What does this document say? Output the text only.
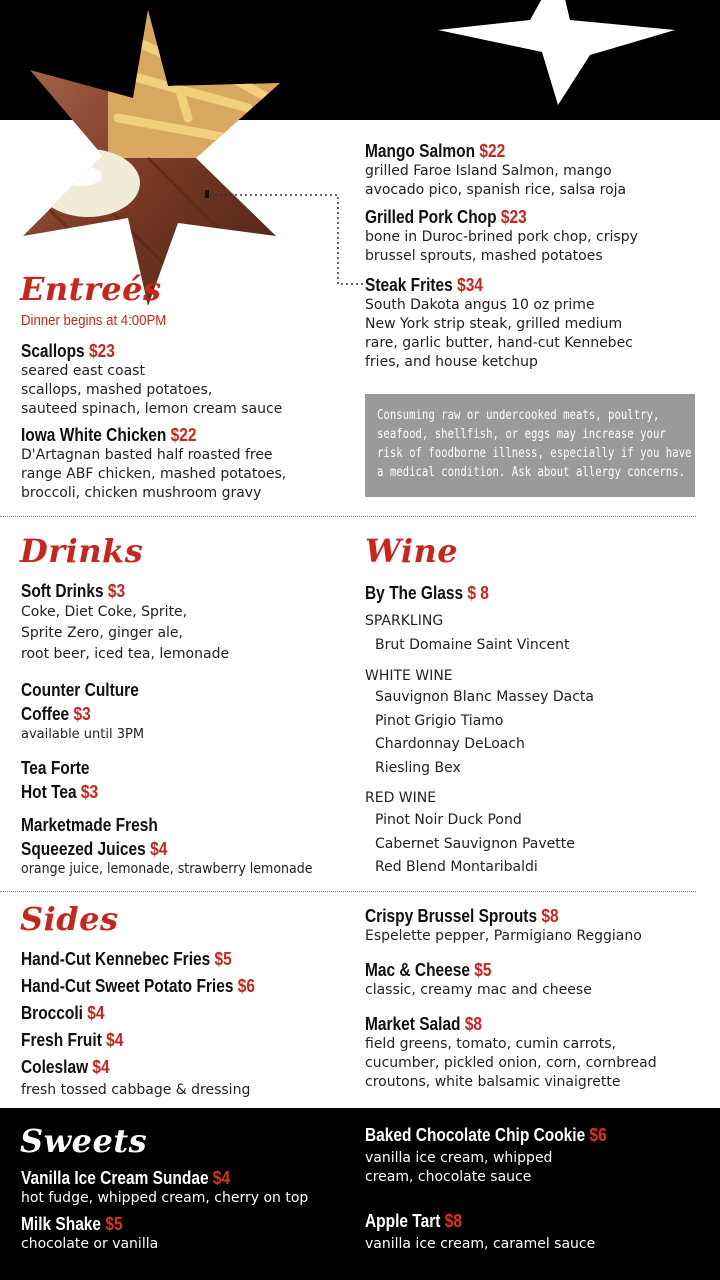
Entreés
Dinner begins at 4:00PM
Scallops $23
seared east coast
scallops, mashed potatoes,
sauteed spinach, lemon cream sauce
Iowa White Chicken $22
D'Artagnan basted half roasted free
range ABF chicken, mashed potatoes,
broccoli, chicken mushroom gravy
Mango Salmon $22
grilled Faroe Island Salmon, mango
avocado pico, spanish rice, salsa roja
Grilled Pork Chop $23
bone in Duroc-brined pork chop, crispy
brussel sprouts, mashed potatoes
Steak Frites $34
South Dakota angus 10 oz prime
New York strip steak, grilled medium
rare, garlic butter, hand-cut Kennebec
fries, and house ketchup
Consuming raw or undercooked meats, poultry,
seafood, shellfish, or eggs may increase your
risk of foodborne illness, especially if you have
a medical condition. Ask about allergy concerns.
Drinks
Soft Drinks $3
Coke, Diet Coke, Sprite,
Sprite Zero, ginger ale,
root beer, iced tea, lemonade
Counter Culture
Coffee $3
available until 3PM
Tea Forte
Hot Tea $3
Marketmade Fresh
Squeezed Juices $4
orange juice, lemonade, strawberry lemonade
Wine
By The Glass $ 8
SPARKLING
Brut Domaine Saint Vincent
WHITE WINE
Sauvignon Blanc Massey Dacta
Pinot Grigio Tiamo
Chardonnay DeLoach
Riesling Bex
RED WINE
Pinot Noir Duck Pond
Cabernet Sauvignon Pavette
Red Blend Montaribaldi
Sides
Hand-Cut Kennebec Fries $5
Hand-Cut Sweet Potato Fries $6
Broccoli $4
Fresh Fruit $4
Coleslaw $4
fresh tossed cabbage & dressing
Crispy Brussel Sprouts $8
Espelette pepper, Parmigiano Reggiano
Mac & Cheese $5
classic, creamy mac and cheese
Market Salad $8
field greens, tomato, cumin carrots,
cucumber, pickled onion, corn, cornbread
croutons, white balsamic vinaigrette
Sweets
Vanilla Ice Cream Sundae $4
hot fudge, whipped cream, cherry on top
Milk Shake $5
chocolate or vanilla
Baked Chocolate Chip Cookie $6
vanilla ice cream, whipped
cream, chocolate sauce
Apple Tart $8
vanilla ice cream, caramel sauce
